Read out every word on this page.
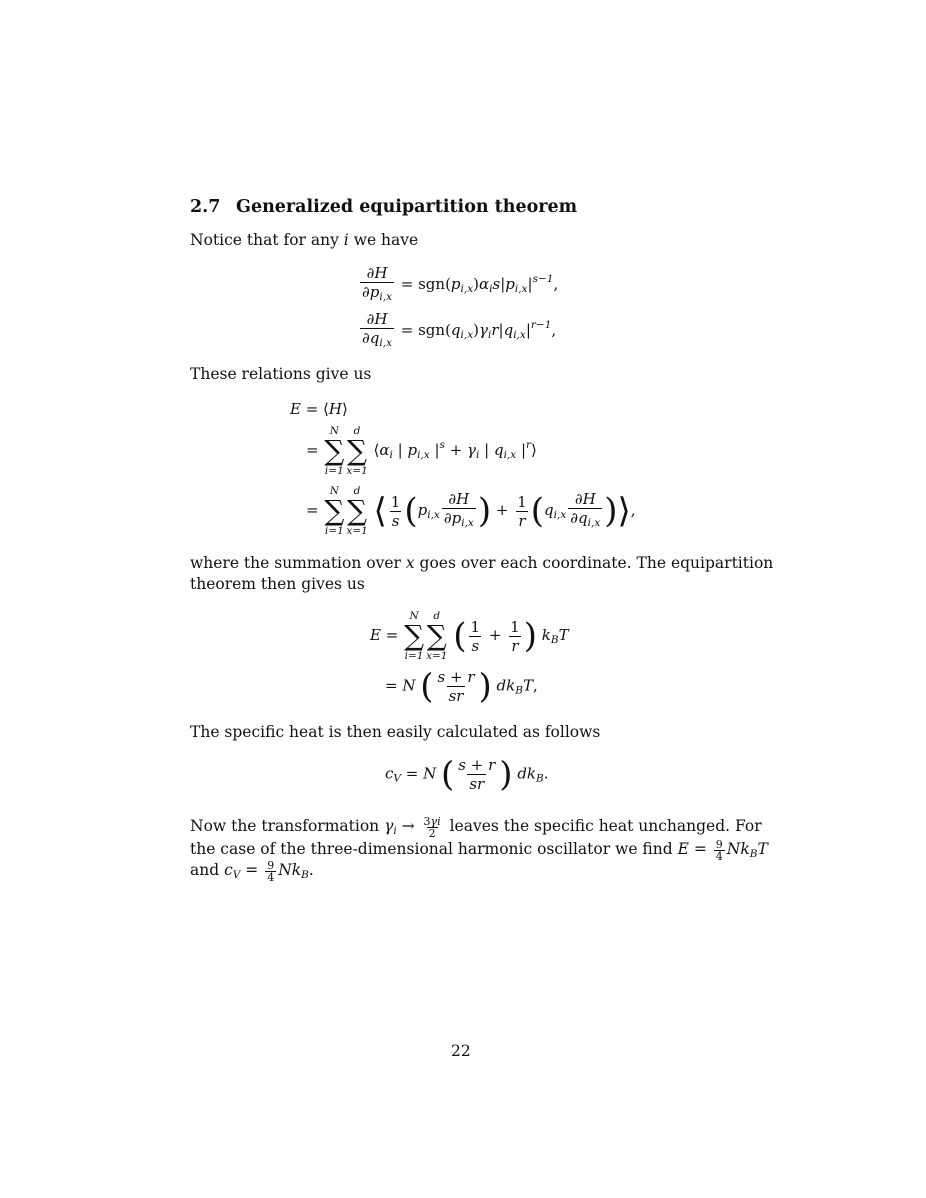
2.7 Generalized equipartition theorem
Notice that for any i we have
$\frac{\partial H}{\partial p_{i,x}} = sgn(p_{i,x})\alpha_is|p_{i,x}|^{s-1}$,
$\frac{\partial H}{\partial q_{i,x}} = sgn(q_{i,x})\gamma_ir|q_{i,x}|^{r-1}$,
These relations give us
E = ⟨H⟩
=
N
∑
i=1
d
∑
x=1
$⟨\alpha_i$ | $p_{i,x}$ $|^s + \gamma_i$ | $q_{i,x}$ $|^r⟩$
=
N
∑
i=1
d
∑
x=1 ⟨ $\frac{1}{s} (p_{i,x} \frac{\partial H}{\partial p_{i,x}}$ ) + $\frac{1}{r} (q_{i,x} \frac{\partial H}{\partial q_{i,x}}$ )⟩,
where the summation over x goes over each coordinate. The equipartition
theorem then gives us
E =
N
∑
i=1
d
∑
x=1 ( $\frac{1}{s} + \frac{1}{r}$ ) $k_BT$
= N ( $\frac{s + r}{sr}$ ) $dk_BT$,
The specific heat is then easily calculated as follows
$c_V = N$ ( $\frac{s + r}{sr}$ ) $dk_B$.
Now the transformation $\gamma_i \to \frac{3\gamma i}{2}$ leaves the specific heat unchanged. For
the case of the three-dimensional harmonic oscillator we find $E = \frac{9}{4} Nk_BT$
and $c_V = \frac{9}{4} Nk_B$.
22
